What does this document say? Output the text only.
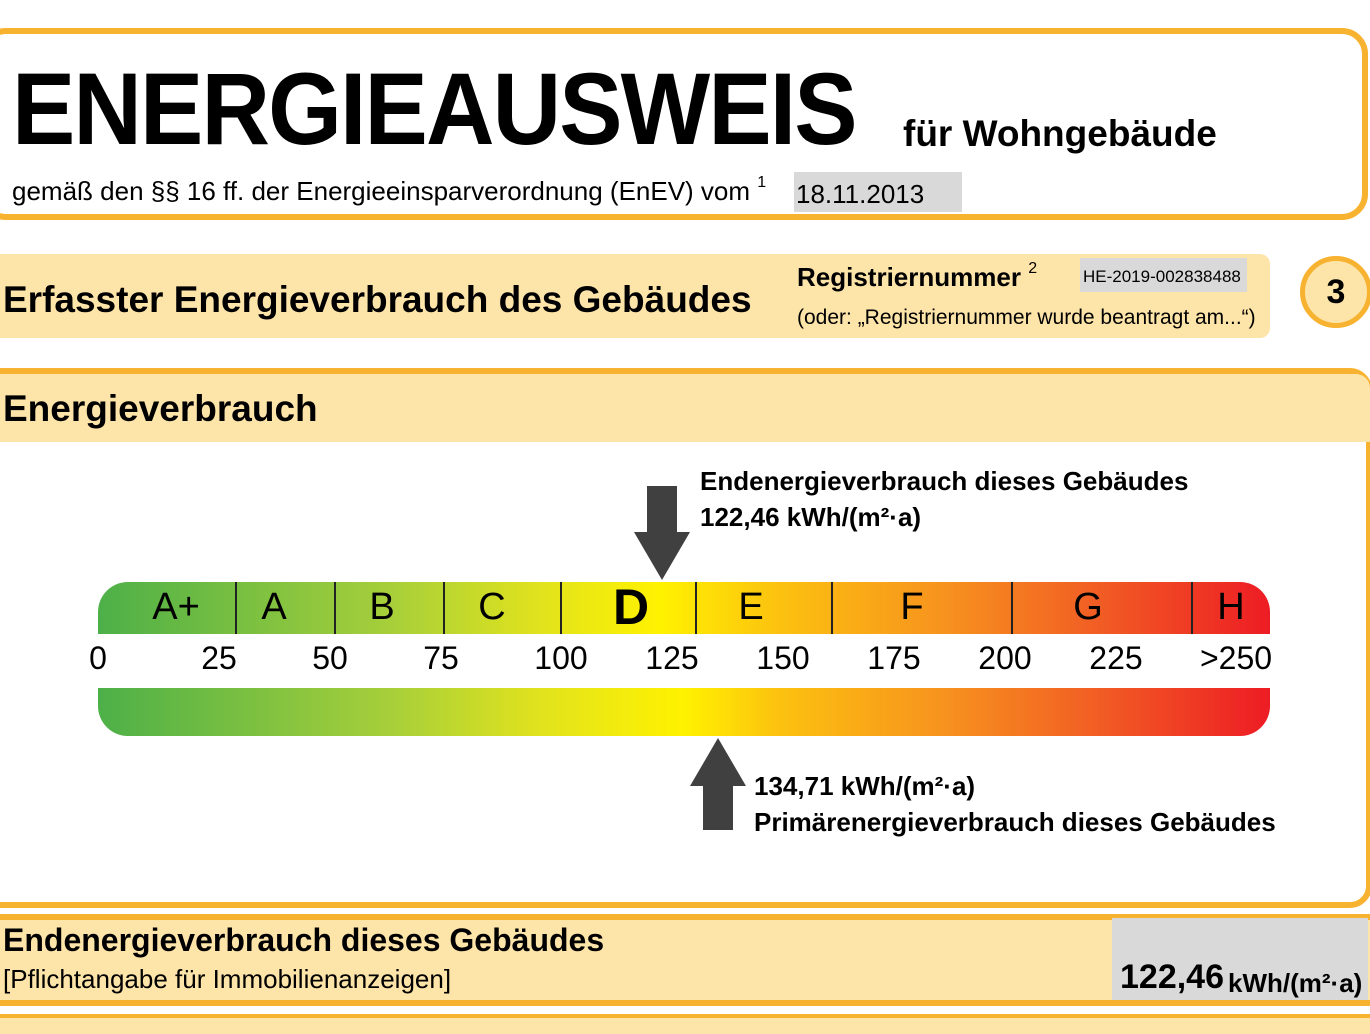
ENERGIEAUSWEIS für Wohngebäude
gemäß den §§ 16 ff. der Energieeinsparverordnung (EnEV) vom $^1$ 18.11.2013
Erfasster Energieverbrauch des Gebäudes
Registriernummer $^2$	HE-2019-002838488
(oder: „Registriernummer wurde beantragt am...“)
3
Energieverbrauch
Endenergieverbrauch dieses Gebäudes
122,46 kWh/(m²·a)
A+ A B C D E	F	G	H
0	25 50 75 100 125 150 175 200 225 >250
134,71 kWh/(m²·a)
Primärenergieverbrauch dieses Gebäudes
Endenergieverbrauch dieses Gebäudes
[Pflichtangabe für Immobilienanzeigen]	122,46 kWh/(m²·a)
